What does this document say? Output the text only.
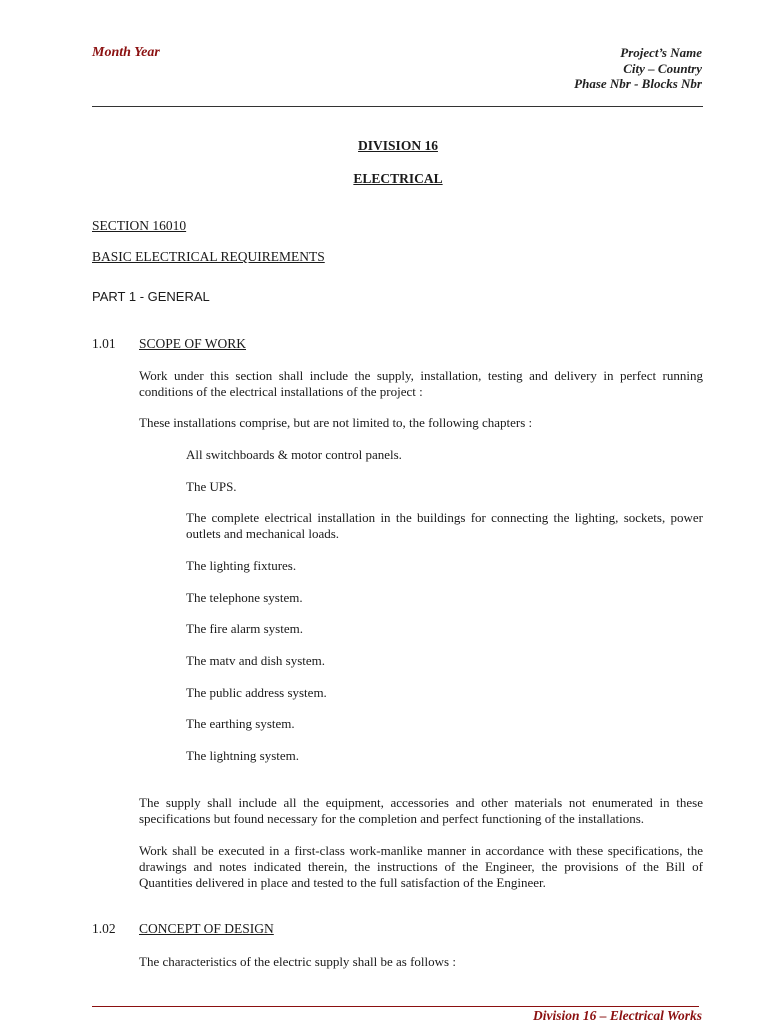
Month Year	Project’s Name
City – Country
Phase Nbr - Blocks Nbr
DIVISION 16
ELECTRICAL
SECTION 16010
BASIC ELECTRICAL REQUIREMENTS
PART 1 - GENERAL
1.01 SCOPE OF WORK
Work under this section shall include the supply, installation, testing and delivery in perfect running conditions of the electrical installations of the project :
These installations comprise, but are not limited to, the following chapters :
All switchboards & motor control panels.
The UPS.
The complete electrical installation in the buildings for connecting the lighting, sockets, power outlets and mechanical loads.
The lighting fixtures.
The telephone system.
The fire alarm system.
The matv and dish system.
The public address system.
The earthing system.
The lightning system.
The supply shall include all the equipment, accessories and other materials not enumerated in these specifications but found necessary for the completion and perfect functioning of the installations.
Work shall be executed in a first-class work-manlike manner in accordance with these specifications, the drawings and notes indicated therein, the instructions of the Engineer, the provisions of the Bill of Quantities delivered in place and tested to the full satisfaction of the Engineer.
1.02 CONCEPT OF DESIGN
The characteristics of the electric supply shall be as follows :
Division 16 – Electrical Works
